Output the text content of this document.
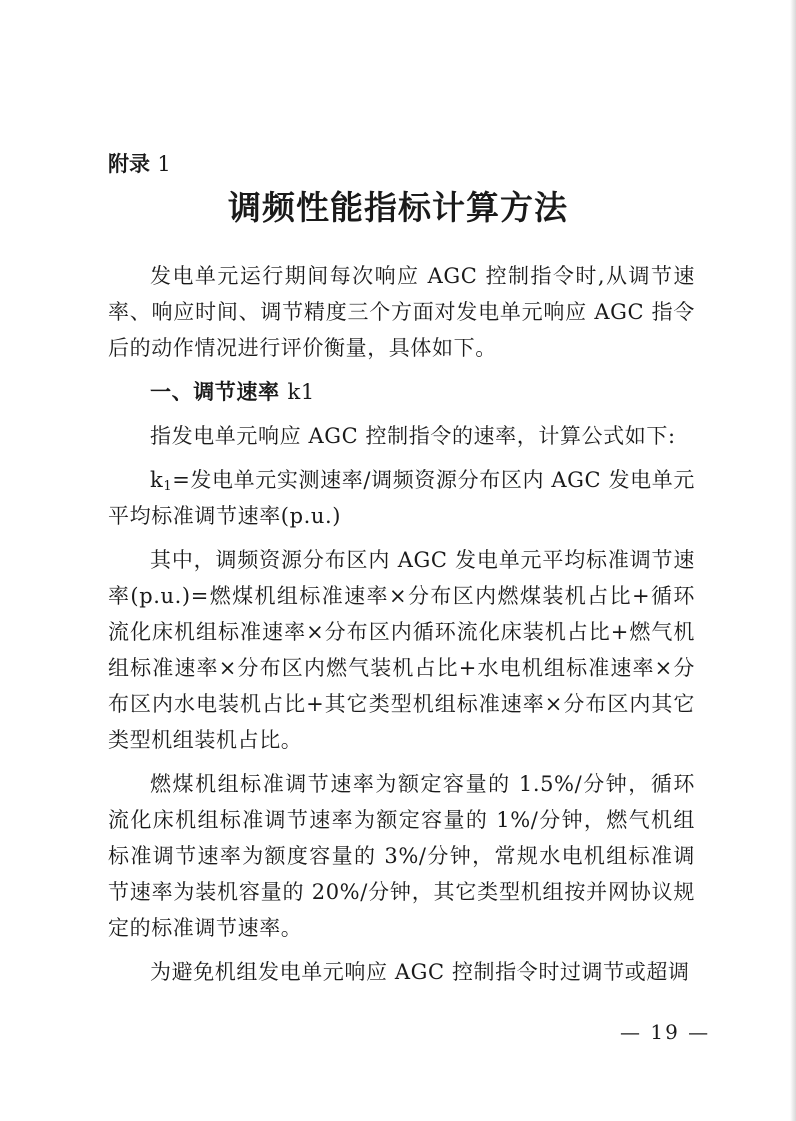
附录 1
调频性能指标计算方法

发电单元运行期间每次响应 AGC 控制指令时,从调节速率、响应时间、调节精度三个方面对发电单元响应 AGC 指令后的动作情况进行评价衡量，具体如下。

一、调节速率 k1

指发电单元响应 AGC 控制指令的速率，计算公式如下:

$k_1=$发电单元实测速率/调频资源分布区内 AGC 发电单元平均标准调节速率(p.u.)

其中，调频资源分布区内 AGC 发电单元平均标准调节速率(p.u.)=燃煤机组标准速率×分布区内燃煤装机占比+循环流化床机组标准速率×分布区内循环流化床装机占比+燃气机组标准速率×分布区内燃气装机占比+水电机组标准速率×分布区内水电装机占比+其它类型机组标准速率×分布区内其它类型机组装机占比。

燃煤机组标准调节速率为额定容量的 1.5%/分钟，循环流化床机组标准调节速率为额定容量的 1%/分钟，燃气机组标准调节速率为额度容量的 3%/分钟，常规水电机组标准调节速率为装机容量的 20%/分钟，其它类型机组按并网协议规定的标准调节速率。

为避免机组发电单元响应 AGC 控制指令时过调节或超调

— 19 —
